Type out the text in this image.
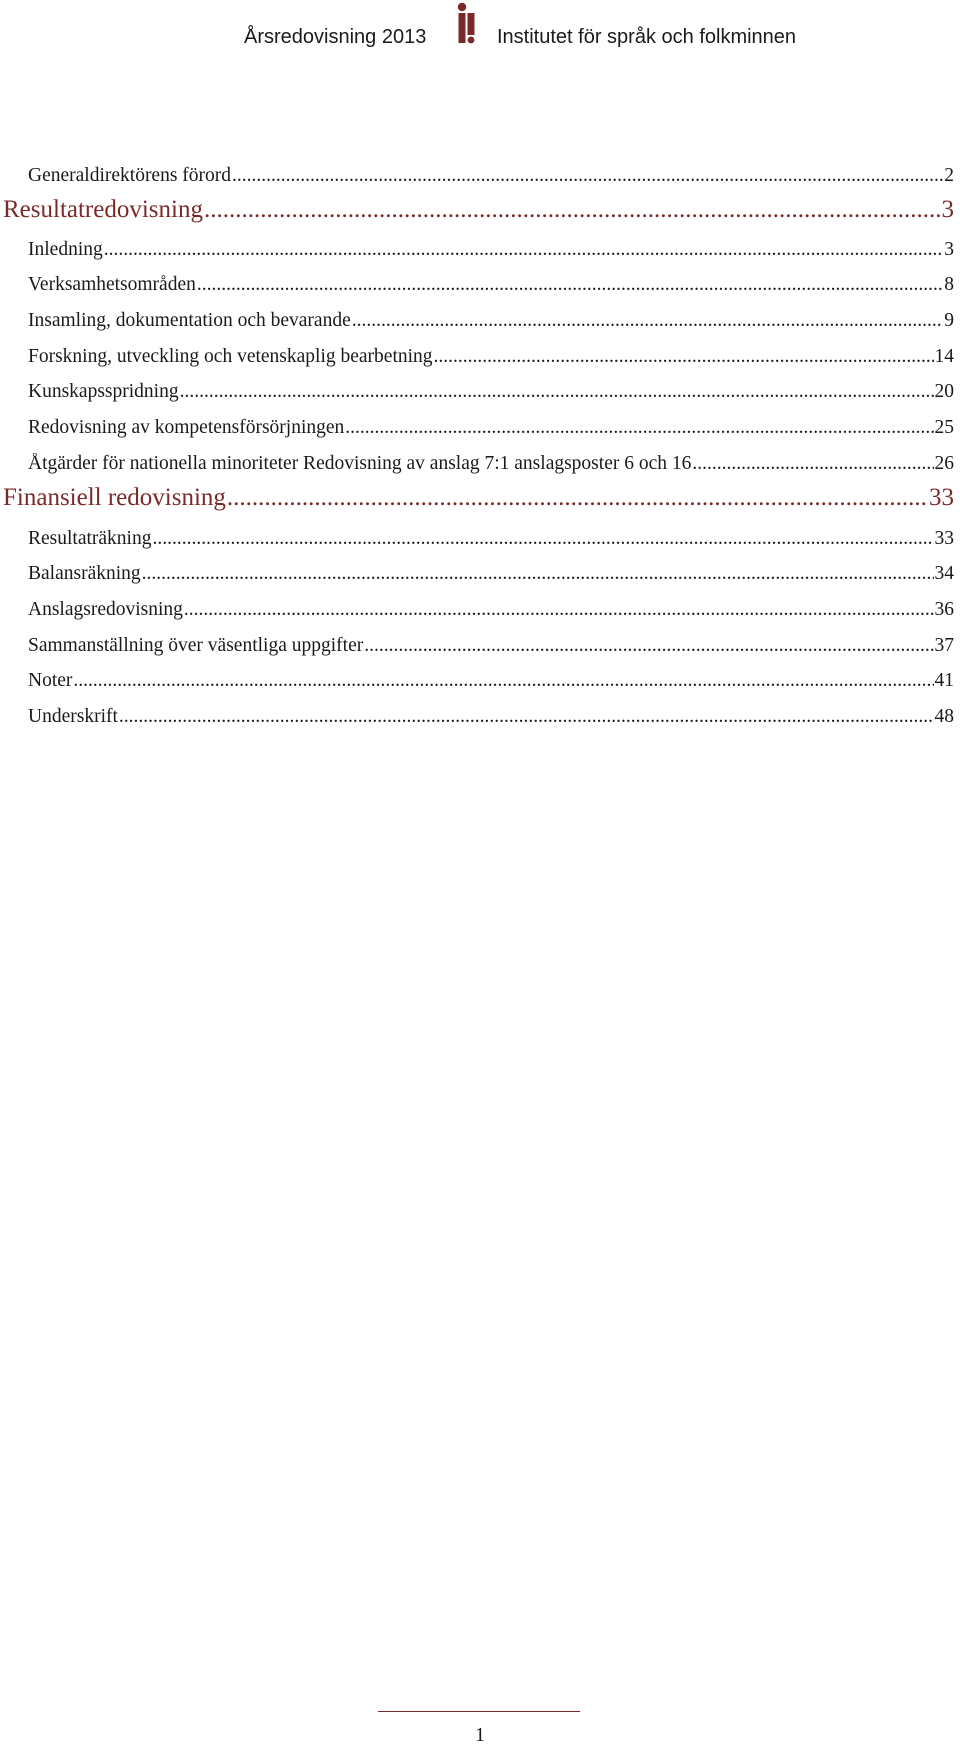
Årsredovisning 2013	Institutet för språk och folkminnen
Generaldirektörens förord .....	2
Resultatredovisning .....	3
Inledning .....	3
Verksamhetsområden .....	8
Insamling, dokumentation och bevarande .....	9
Forskning, utveckling och vetenskaplig bearbetning .....	14
Kunskapsspridning .....	20
Redovisning av kompetensförsörjningen .....	25
Åtgärder för nationella minoriteter Redovisning av anslag 7:1 anslagsposter 6 och 16 .....	26
Finansiell redovisning .....	33
Resultaträkning .....	33
Balansräkning .....	34
Anslagsredovisning .....	36
Sammanställning över väsentliga uppgifter .....	37
Noter .....	41
Underskrift .....	48
1
